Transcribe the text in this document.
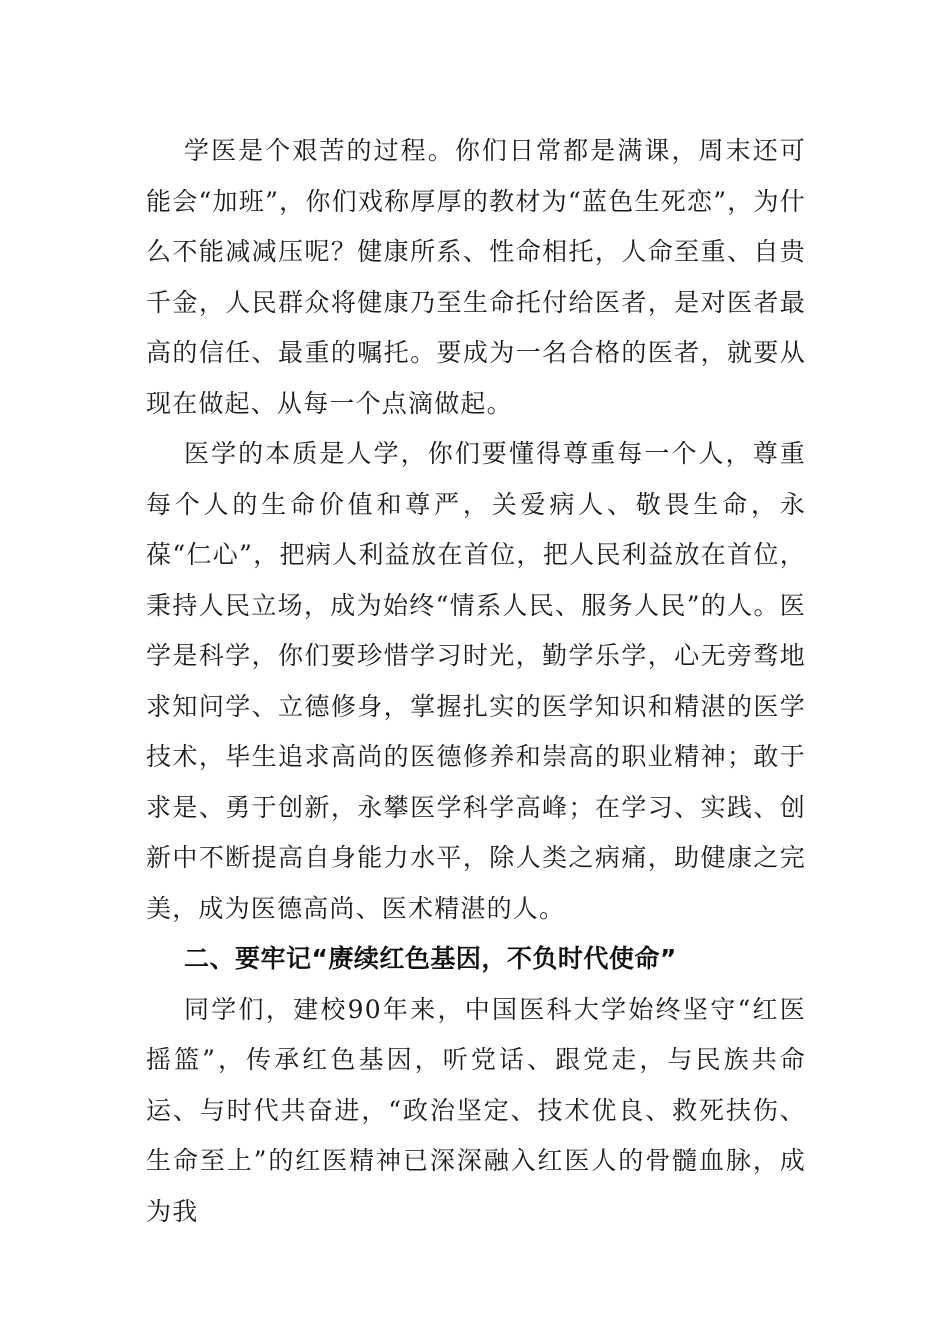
学医是个艰苦的过程。你们日常都是满课，周末还可能会“加班”，你们戏称厚厚的教材为“蓝色生死恋”，为什么不能减减压呢？健康所系、性命相托，人命至重、自贵千金，人民群众将健康乃至生命托付给医者，是对医者最高的信任、最重的嘱托。要成为一名合格的医者，就要从现在做起、从每一个点滴做起。

医学的本质是人学，你们要懂得尊重每一个人，尊重每个人的生命价值和尊严，关爱病人、敬畏生命，永葆“仁心”，把病人利益放在首位，把人民利益放在首位，秉持人民立场，成为始终“情系人民、服务人民”的人。医学是科学，你们要珍惜学习时光，勤学乐学，心无旁骛地求知问学、立德修身，掌握扎实的医学知识和精湛的医学技术，毕生追求高尚的医德修养和崇高的职业精神；敢于求是、勇于创新，永攀医学科学高峰；在学习、实践、创新中不断提高自身能力水平，除人类之病痛，助健康之完美，成为医德高尚、医术精湛的人。

二、要牢记“赓续红色基因，不负时代使命”

同学们，建校90年来，中国医科大学始终坚守“红医摇篮”，传承红色基因，听党话、跟党走，与民族共命运、与时代共奋进，“政治坚定、技术优良、救死扶伤、生命至上”的红医精神已深深融入红医人的骨髓血脉，成为我
